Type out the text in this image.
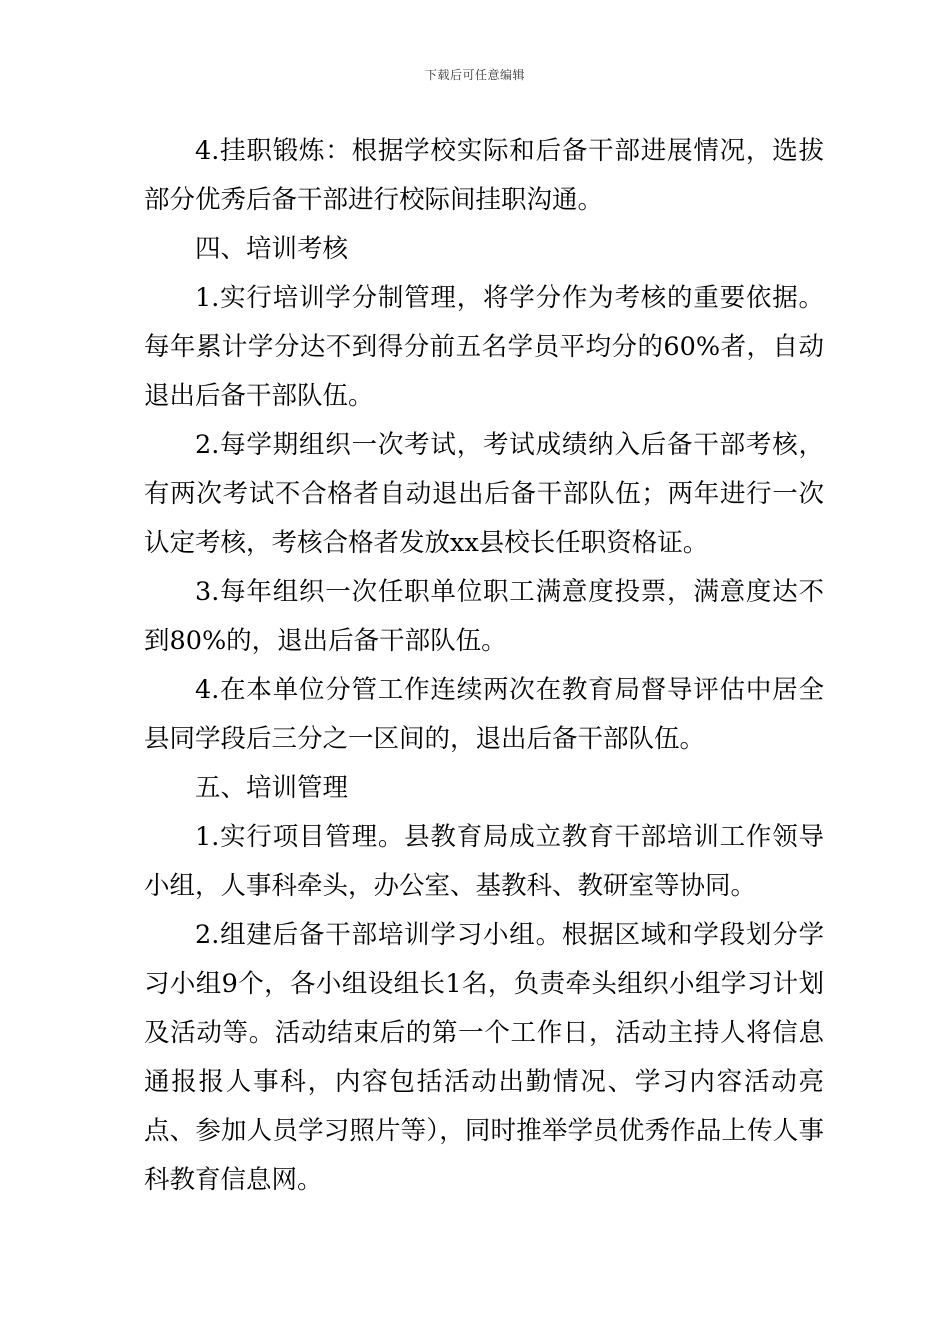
下载后可任意编辑

4.挂职锻炼：根据学校实际和后备干部进展情况，选拔部分优秀后备干部进行校际间挂职沟通。

四、培训考核

1.实行培训学分制管理，将学分作为考核的重要依据。每年累计学分达不到得分前五名学员平均分的60%者，自动退出后备干部队伍。

2.每学期组织一次考试，考试成绩纳入后备干部考核，有两次考试不合格者自动退出后备干部队伍；两年进行一次认定考核，考核合格者发放xx县校长任职资格证。

3.每年组织一次任职单位职工满意度投票，满意度达不到80%的，退出后备干部队伍。

4.在本单位分管工作连续两次在教育局督导评估中居全县同学段后三分之一区间的，退出后备干部队伍。

五、培训管理

1.实行项目管理。县教育局成立教育干部培训工作领导小组，人事科牵头，办公室、基教科、教研室等协同。

2.组建后备干部培训学习小组。根据区域和学段划分学习小组9个，各小组设组长1名，负责牵头组织小组学习计划及活动等。活动结束后的第一个工作日，活动主持人将信息通报报人事科，内容包括活动出勤情况、学习内容活动亮点、参加人员学习照片等），同时推举学员优秀作品上传人事科教育信息网。
